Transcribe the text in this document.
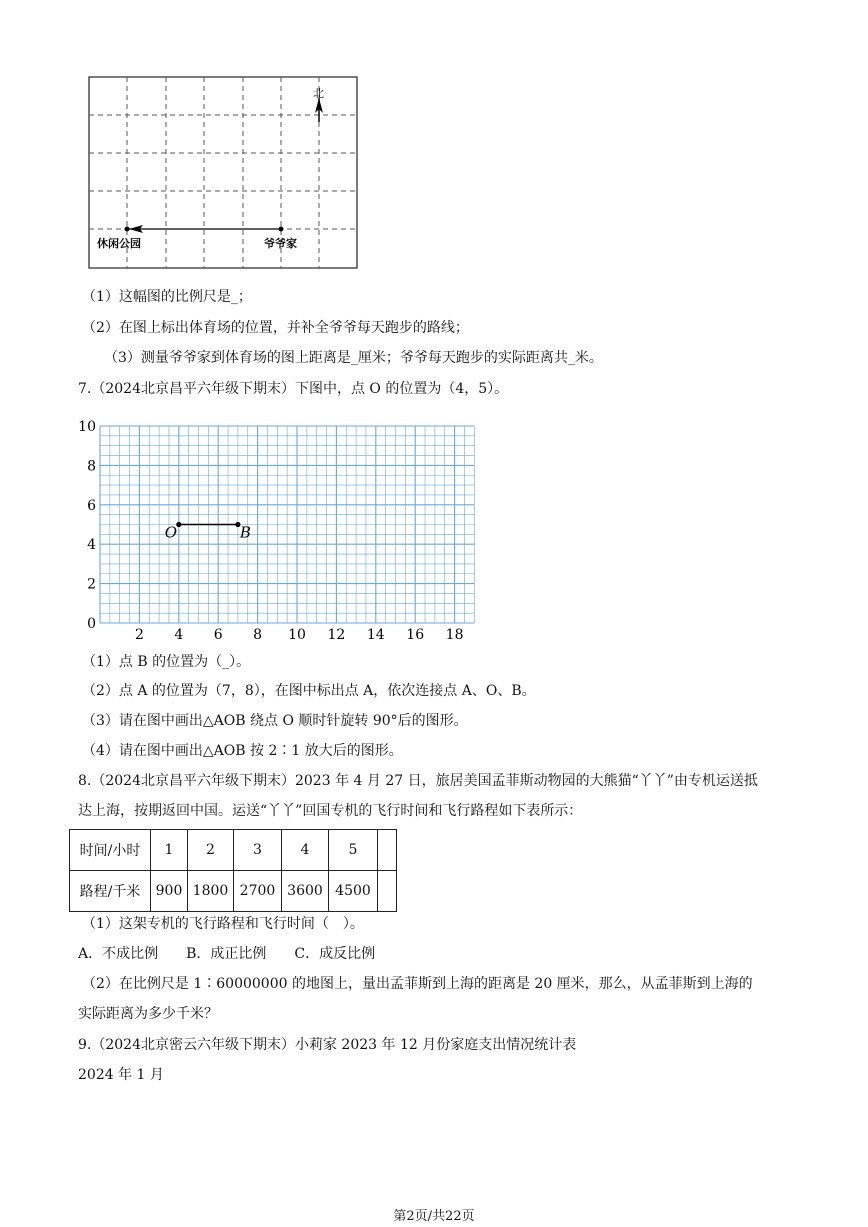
北
休闲公园	爷爷家
（1）这幅图的比例尺是_；
（2）在图上标出体育场的位置，并补全爷爷每天跑步的路线；
（3）测量爷爷家到体育场的图上距离是_厘米；爷爷每天跑步的实际距离共_米。
7.（2024北京昌平六年级下期末）下图中，点 O 的位置为（4，5）。
2 4 6 8 10 12 14 16 18
0
2
4
6
8
10
O	B
（1）点 B 的位置为（_）。
（2）点 A 的位置为（7，8），在图中标出点 A，依次连接点 A、O、B。
（3）请在图中画出△AOB 绕点 O 顺时针旋转 90°后的图形。
（4）请在图中画出△AOB 按 2∶1 放大后的图形。
8.（2024北京昌平六年级下期末）2023 年 4 月 27 日，旅居美国孟菲斯动物园的大熊猫“丫丫”由专机运送抵
达上海，按期返回中国。运送“丫丫”回国专机的飞行时间和飞行路程如下表所示：
时间/小时	1	2	3	4	5	
路程/千米	900	1800	2700	3600	4500	
（1）这架专机的飞行路程和飞行时间（　）。
A．不成比例　　B．成正比例　　C．成反比例
（2）在比例尺是 1∶60000000 的地图上，量出孟菲斯到上海的距离是 20 厘米，那么，从孟菲斯到上海的
实际距离为多少千米？
9.（2024北京密云六年级下期末）小莉家 2023 年 12 月份家庭支出情况统计表
2024 年 1 月
第2页/共22页
